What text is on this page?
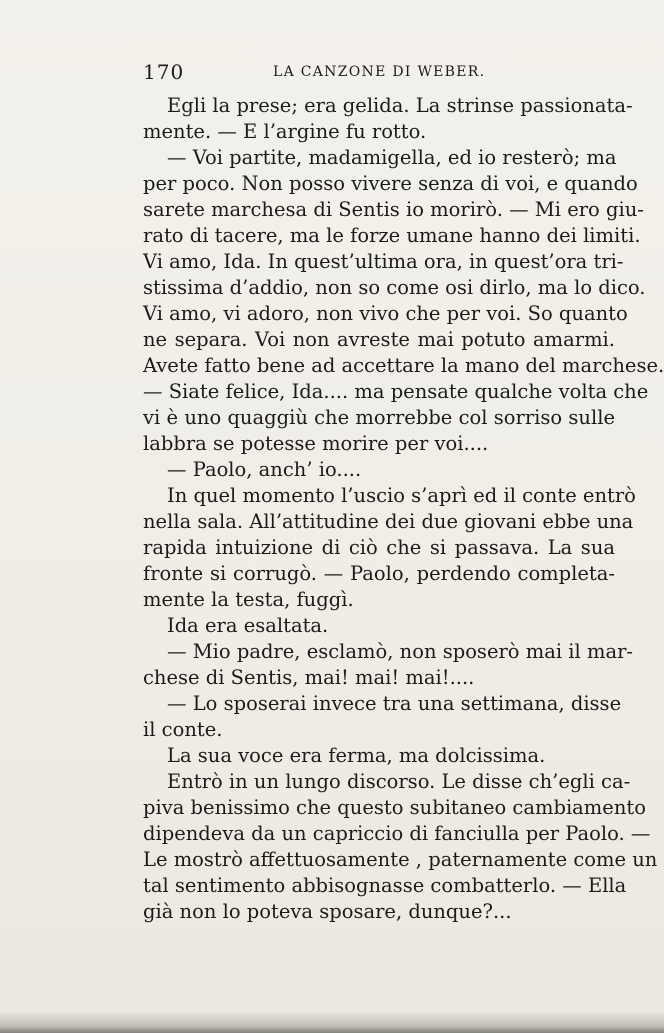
170	LA CANZONE DI WEBER.
Egli la prese; era gelida. La strinse passionata-
mente. — E l’argine fu rotto.
— Voi partite, madamigella, ed io resterò; ma
per poco. Non posso vivere senza di voi, e quando
sarete marchesa di Sentis io morirò. — Mi ero giu-
rato di tacere, ma le forze umane hanno dei limiti.
Vi amo, Ida. In quest’ultima ora, in quest’ora tri-
stissima d’addio, non so come osi dirlo, ma lo dico.
Vi amo, vi adoro, non vivo che per voi. So quanto
ne separa. Voi non avreste mai potuto amarmi.
Avete fatto bene ad accettare la mano del marchese.
— Siate felice, Ida.... ma pensate qualche volta che
vi è uno quaggiù che morrebbe col sorriso sulle
labbra se potesse morire per voi....
— Paolo, anch’ io....
In quel momento l’uscio s’aprì ed il conte entrò
nella sala. All’attitudine dei due giovani ebbe una
rapida intuizione di ciò che si passava. La sua
fronte si corrugò. — Paolo, perdendo completa-
mente la testa, fuggì.
Ida era esaltata.
— Mio padre, esclamò, non sposerò mai il mar-
chese di Sentis, mai! mai! mai!....
— Lo sposerai invece tra una settimana, disse
il conte.
La sua voce era ferma, ma dolcissima.
Entrò in un lungo discorso. Le disse ch’egli ca-
piva benissimo che questo subitaneo cambiamento
dipendeva da un capriccio di fanciulla per Paolo. —
Le mostrò affettuosamente , paternamente come un
tal sentimento abbisognasse combatterlo. — Ella
già non lo poteva sposare, dunque?...
